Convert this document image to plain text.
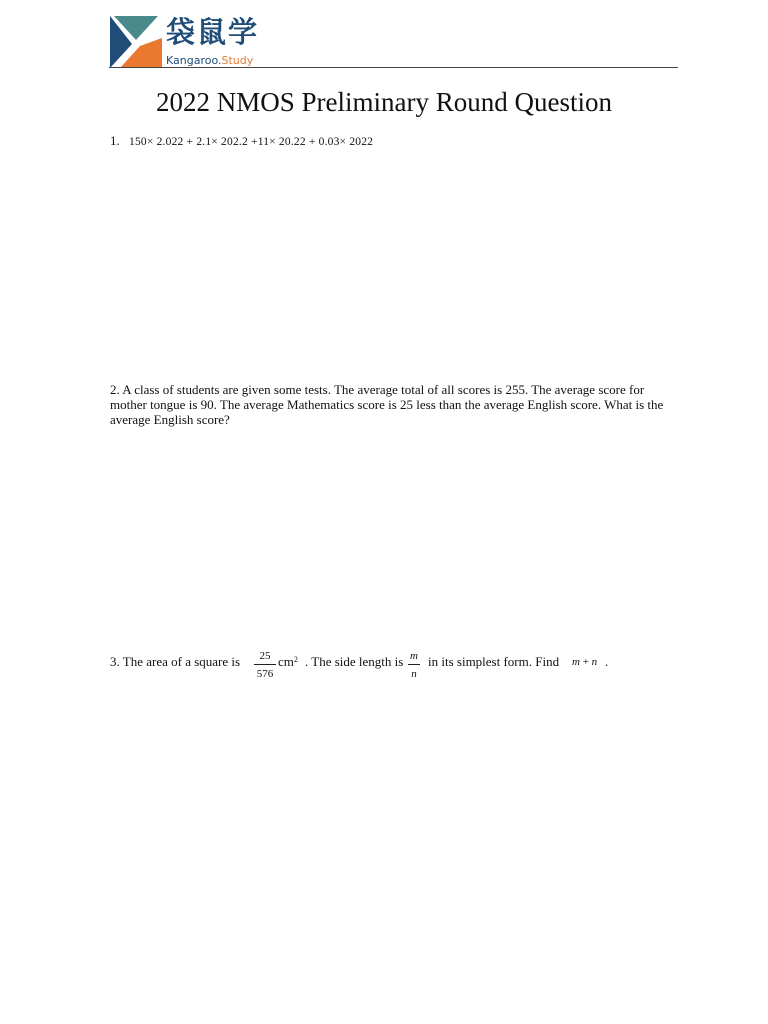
袋鼠学
Kangaroo.Study
2022 NMOS Preliminary Round Question
1. 150× 2.022 + 2.1× 202.2 +11× 20.22 + 0.03× 2022
2. A class of students are given some tests. The average total of all scores is 255. The average score for mother tongue is 90. The average Mathematics score is 25 less than the average English score. What is the average English score?
3. The area of a square is $\frac{25}{576} cm^2$ . The side length is $\frac{m}{n}$ in its simplest form. Find m + n .
